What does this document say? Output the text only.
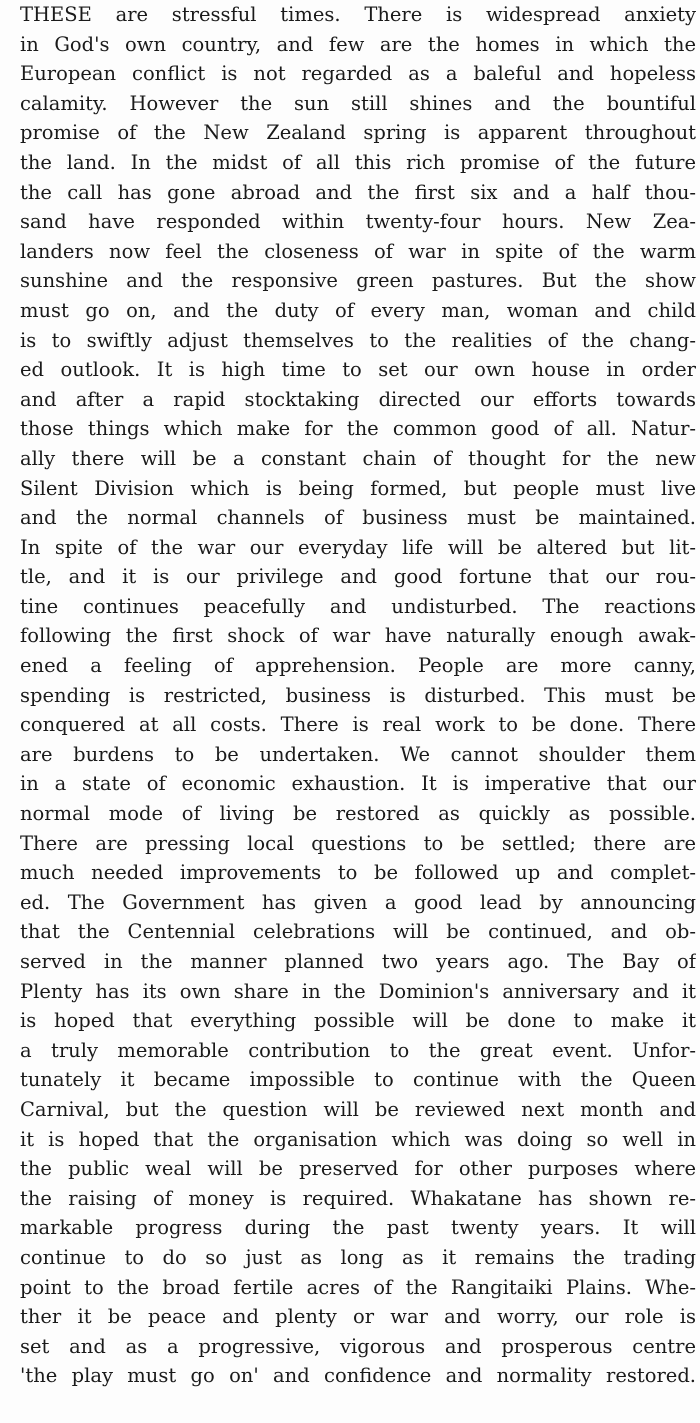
THESE are stressful times. There is widespread anxiety
in God's own country, and few are the homes in which the
European conflict is not regarded as a baleful and hopeless
calamity. However the sun still shines and the bountiful
promise of the New Zealand spring is apparent throughout
the land. In the midst of all this rich promise of the future
the call has gone abroad and the first six and a half thou-
sand have responded within twenty-four hours. New Zea-
landers now feel the closeness of war in spite of the warm
sunshine and the responsive green pastures. But the show
must go on, and the duty of every man, woman and child
is to swiftly adjust themselves to the realities of the chang-
ed outlook. It is high time to set our own house in order
and after a rapid stocktaking directed our efforts towards
those things which make for the common good of all. Natur-
ally there will be a constant chain of thought for the new
Silent Division which is being formed, but people must live
and the normal channels of business must be maintained.
In spite of the war our everyday life will be altered but lit-
tle, and it is our privilege and good fortune that our rou-
tine continues peacefully and undisturbed. The reactions
following the first shock of war have naturally enough awak-
ened a feeling of apprehension. People are more canny,
spending is restricted, business is disturbed. This must be
conquered at all costs. There is real work to be done. There
are burdens to be undertaken. We cannot shoulder them
in a state of economic exhaustion. It is imperative that our
normal mode of living be restored as quickly as possible.
There are pressing local questions to be settled; there are
much needed improvements to be followed up and complet-
ed. The Government has given a good lead by announcing
that the Centennial celebrations will be continued, and ob-
served in the manner planned two years ago. The Bay of
Plenty has its own share in the Dominion's anniversary and it
is hoped that everything possible will be done to make it
a truly memorable contribution to the great event. Unfor-
tunately it became impossible to continue with the Queen
Carnival, but the question will be reviewed next month and
it is hoped that the organisation which was doing so well in
the public weal will be preserved for other purposes where
the raising of money is required. Whakatane has shown re-
markable progress during the past twenty years. It will
continue to do so just as long as it remains the trading
point to the broad fertile acres of the Rangitaiki Plains. Whe-
ther it be peace and plenty or war and worry, our role is
set and as a progressive, vigorous and prosperous centre
'the play must go on' and confidence and normality restored.
